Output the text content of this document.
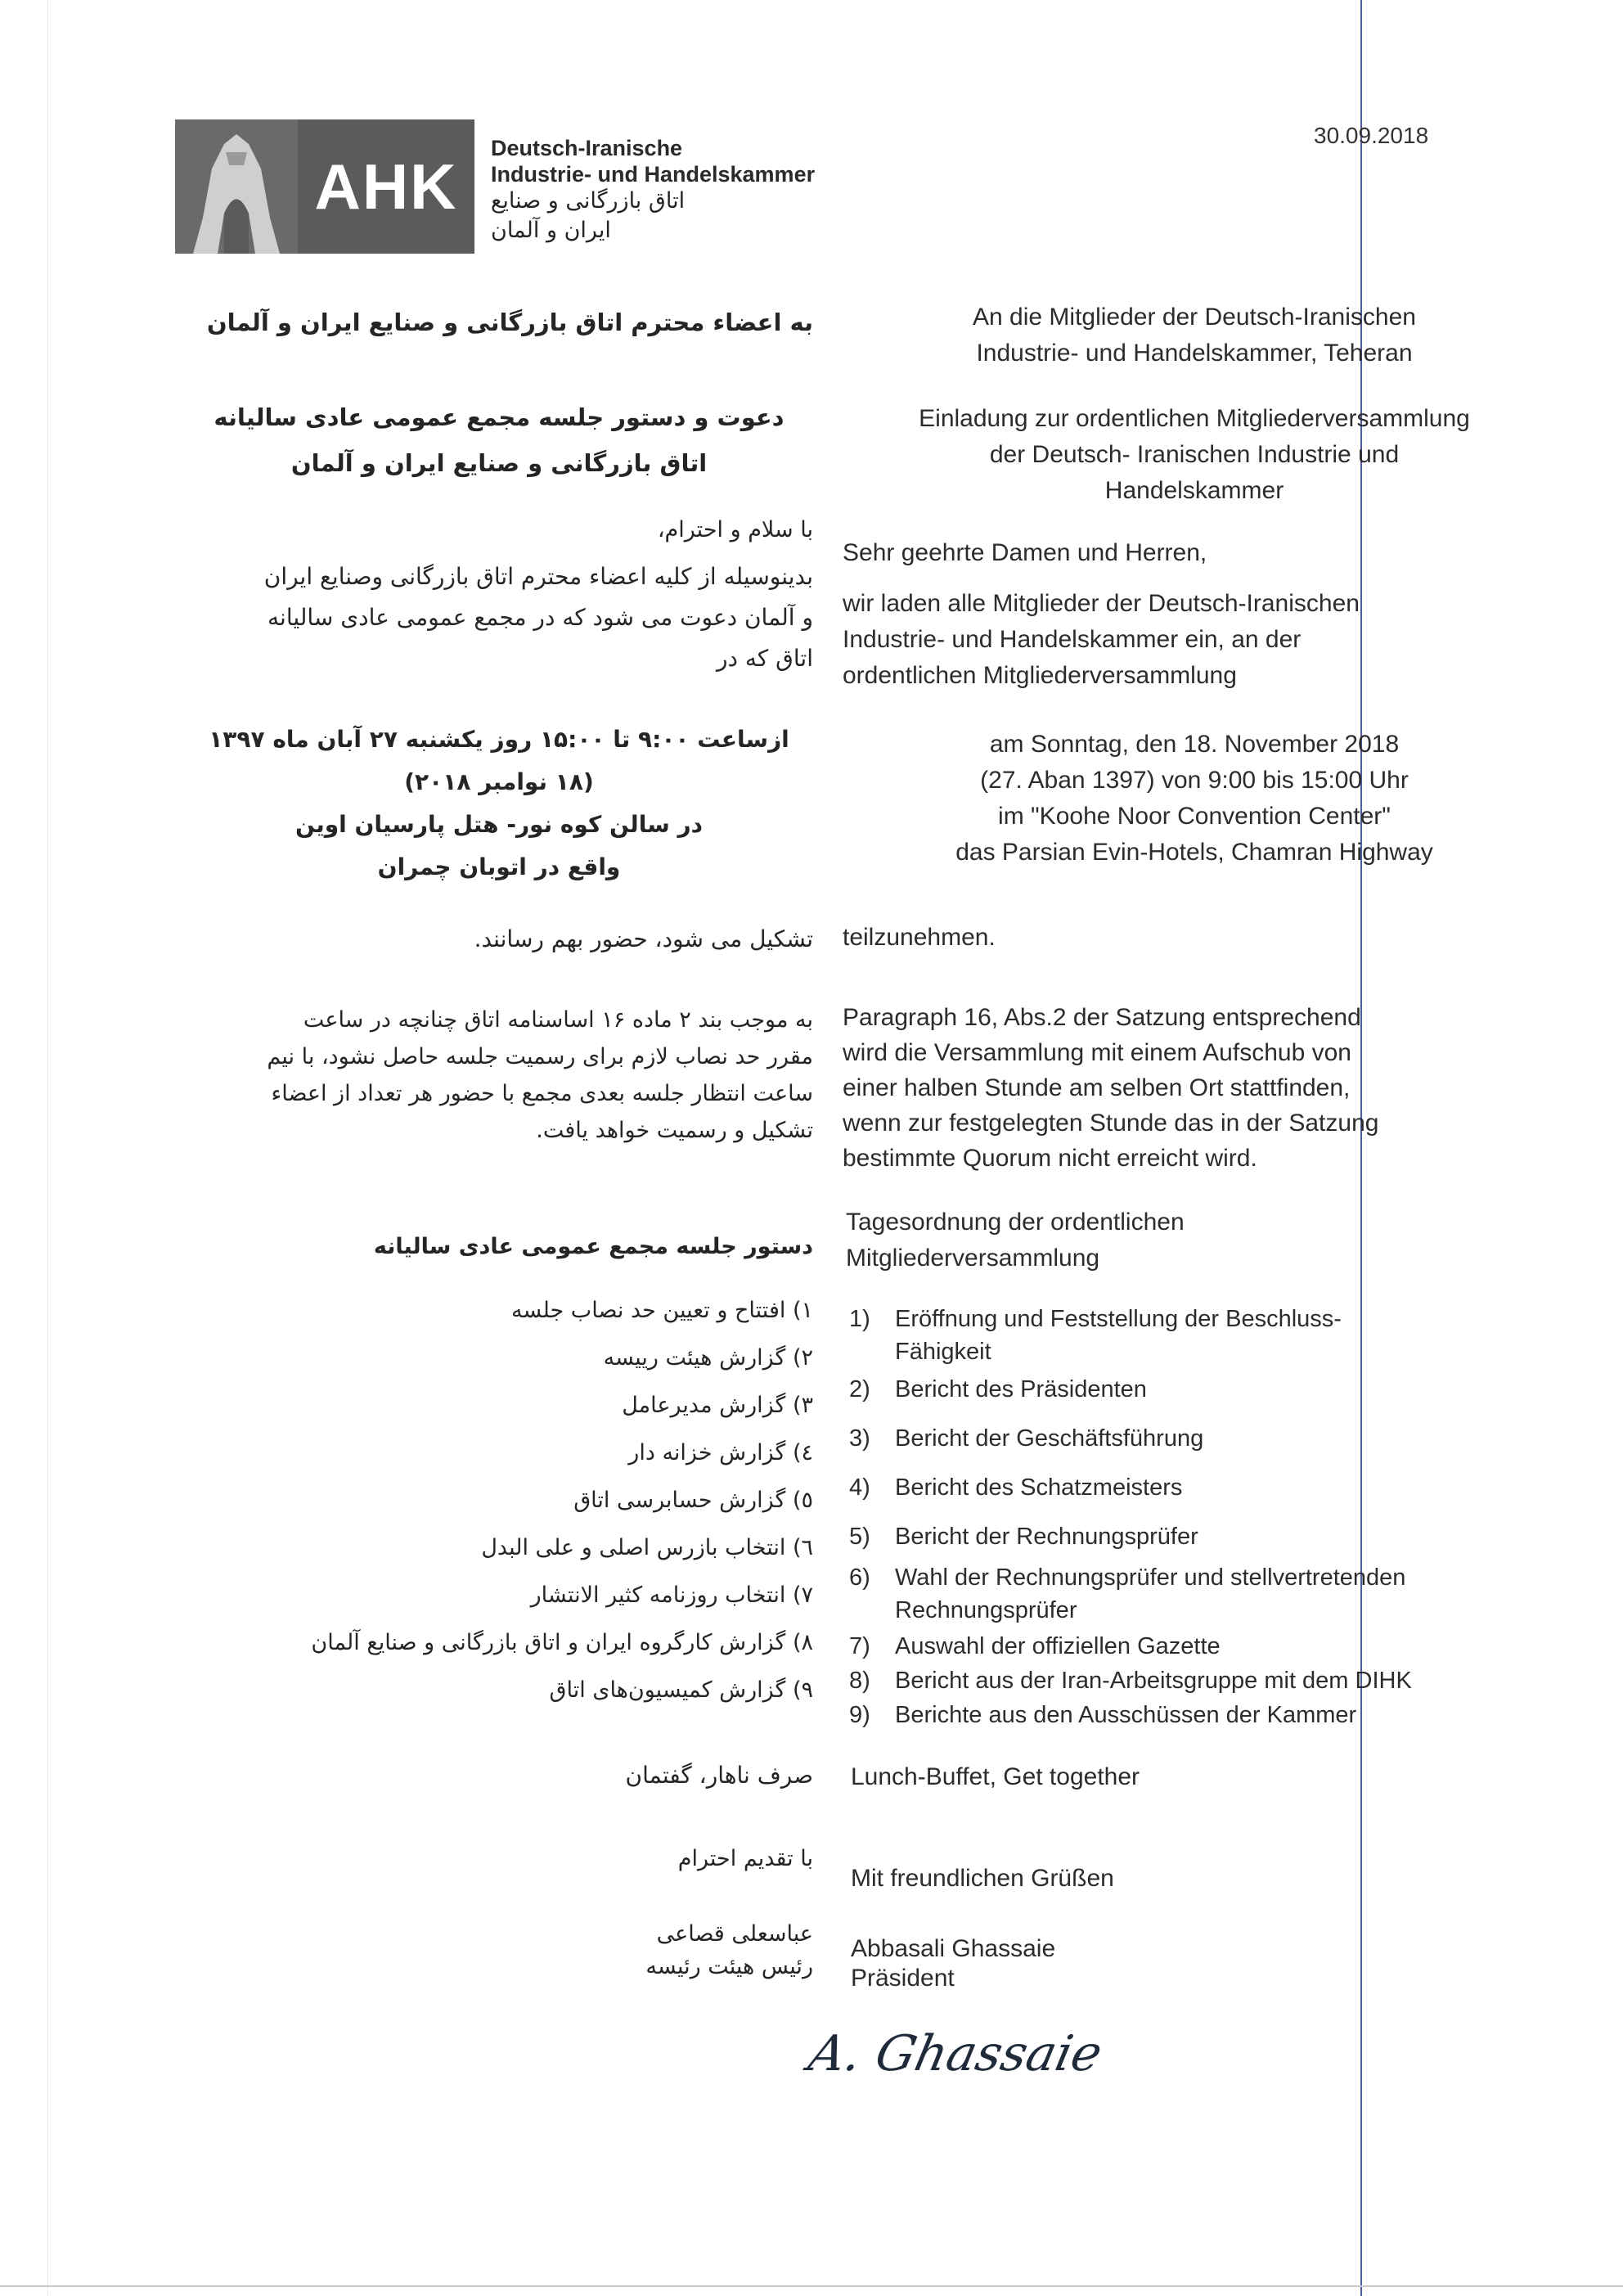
AHK
Deutsch-Iranische
Industrie- und Handelskammer
اتاق بازرگانی و صنایع
ایران و آلمان
30.09.2018
به اعضاء محترم اتاق بازرگانی و صنایع ایران و آلمان	An die Mitglieder der Deutsch-Iranischen
Industrie- und Handelskammer, Teheran
دعوت و دستور جلسه مجمع عمومی عادی سالیانه
اتاق بازرگانی و صنایع ایران و آلمان
Einladung zur ordentlichen Mitgliederversammlung
der Deutsch- Iranischen Industrie und
Handelskammer
با سلام و احترام،
بدینوسیله از کلیه اعضاء محترم اتاق بازرگانی وصنایع ایران
و آلمان دعوت می شود که در مجمع عمومی عادی سالیانه
اتاق که در
Sehr geehrte Damen und Herren,
wir laden alle Mitglieder der Deutsch-Iranischen
Industrie- und Handelskammer ein, an der
ordentlichen Mitgliederversammlung
ازساعت ۹:۰۰ تا ۱۵:۰۰ روز یکشنبه ۲۷ آبان ماه ۱۳۹۷
(۱۸ نوامبر ۲۰۱۸)
در سالن کوه نور- هتل پارسیان اوین
واقع در اتوبان چمران
am Sonntag, den 18. November 2018
(27. Aban 1397) von 9:00 bis 15:00 Uhr
im "Koohe Noor Convention Center"
das Parsian Evin-Hotels, Chamran Highway
تشکیل می شود، حضور بهم رسانند. teilzunehmen.
به موجب بند ۲ ماده ۱۶ اساسنامه اتاق چنانچه در ساعت
مقرر حد نصاب لازم برای رسمیت جلسه حاصل نشود، با نیم
ساعت انتظار جلسه بعدی مجمع با حضور هر تعداد از اعضاء
تشکیل و رسمیت خواهد یافت.
Paragraph 16, Abs.2 der Satzung entsprechend
wird die Versammlung mit einem Aufschub von
einer halben Stunde am selben Ort stattfinden,
wenn zur festgelegten Stunde das in der Satzung
bestimmte Quorum nicht erreicht wird.
دستور جلسه مجمع عمومی عادی سالیانه
Tagesordnung der ordentlichen
Mitgliederversammlung
۱) افتتاح و تعیین حد نصاب جلسه
۲) گزارش هیئت رییسه
۳) گزارش مدیرعامل
٤) گزارش خزانه دار
٥) گزارش حسابرسی اتاق
٦) انتخاب بازرس اصلی و علی البدل
۷) انتخاب روزنامه کثیر الانتشار
۸) گزارش کارگروه ایران و اتاق بازرگانی و صنایع آلمان
۹) گزارش کمیسیون‌های اتاق
1) Eröffnung und Feststellung der Beschluss-
Fähigkeit
2) Bericht des Präsidenten
3) Bericht der Geschäftsführung
4) Bericht des Schatzmeisters
5) Bericht der Rechnungsprüfer
6) Wahl der Rechnungsprüfer und stellvertretenden
Rechnungsprüfer
7) Auswahl der offiziellen Gazette
8) Bericht aus der Iran-Arbeitsgruppe mit dem DIHK
9) Berichte aus den Ausschüssen der Kammer
صرف ناهار، گفتمان Lunch-Buffet, Get together
با تقدیم احترام
Mit freundlichen Grüßen
عباسعلی قصاعی
رئیس هیئت رئیسه
Abbasali Ghassaie
Präsident
A. Ghassaie
